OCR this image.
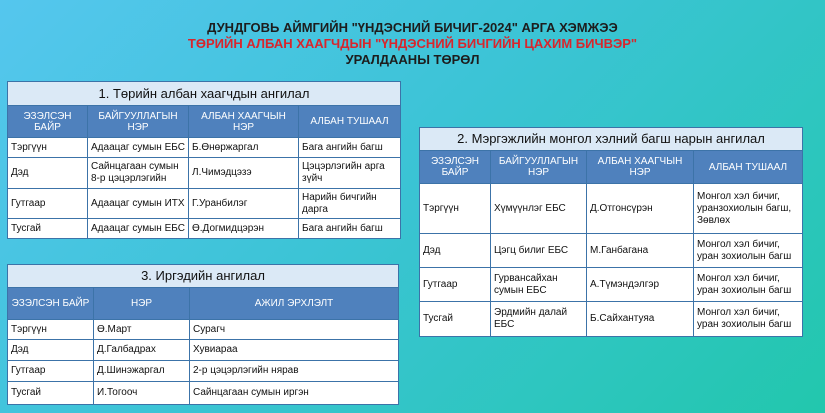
ДУНДГОВЬ АЙМГИЙН "ҮНДЭСНИЙ БИЧИГ-2024" АРГА ХЭМЖЭЭ
ТӨРИЙН АЛБАН ХААГЧДЫН "ҮНДЭСНИЙ БИЧГИЙН ЦАХИМ БИЧВЭР"
УРАЛДААНЫ ТӨРӨЛ
1. Төрийн албан хаагчдын ангилал			
ЭЗЭЛСЭН БАЙР	БАЙГУУЛЛАГЫН НЭР	АЛБАН ХААГЧЫН НЭР	АЛБАН ТУШААЛ
Тэргүүн	Адаацаг сумын ЕБС	Б.Өнөржаргал	Бага ангийн багш
Дэд	Сайнцагаан сумын 8-р цэцэрлэгийн	Л.Чимэдцэзэ	Цэцэрлэгийн арга зүйч
Гутгаар	Адаацаг сумын ИТХ	Г.Уранбилэг	Нарийн бичгийн дарга
Тусгай	Адаацаг сумын ЕБС	Ө.Догмидцэрэн	Бага ангийн багш
2. Мэргэжлийн монгол хэлний багш нарын ангилал			
ЭЗЭЛСЭН БАЙР	БАЙГУУЛЛАГЫН НЭР	АЛБАН ХААГЧЫН НЭР	АЛБАН ТУШААЛ
Тэргүүн	Хүмүүнлэг ЕБС	Д.Отгонсүрэн	Монгол хэл бичиг, уранзохиолын багш, Зөвлөх
Дэд	Цэгц билиг ЕБС	М.Ганбагана	Монгол хэл бичиг, уран зохиолын багш
Гутгаар	Гурвансайхан сумын ЕБС	А.Түмэндэлгэр	Монгол хэл бичиг, уран зохиолын багш
Тусгай	Эрдмийн далай ЕБС	Б.Сайхантуяа	Монгол хэл бичиг, уран зохиолын багш
3. Иргэдийн ангилал		
ЭЗЭЛСЭН БАЙР	НЭР	АЖИЛ ЭРХЛЭЛТ
Тэргүүн	Ө.Март	Сурагч
Дэд	Д.Галбадрах	Хувиараа
Гутгаар	Д.Шинэжаргал	2-р цэцэрлэгийн нярав
Тусгай	И.Тогооч	Сайнцагаан сумын иргэн
